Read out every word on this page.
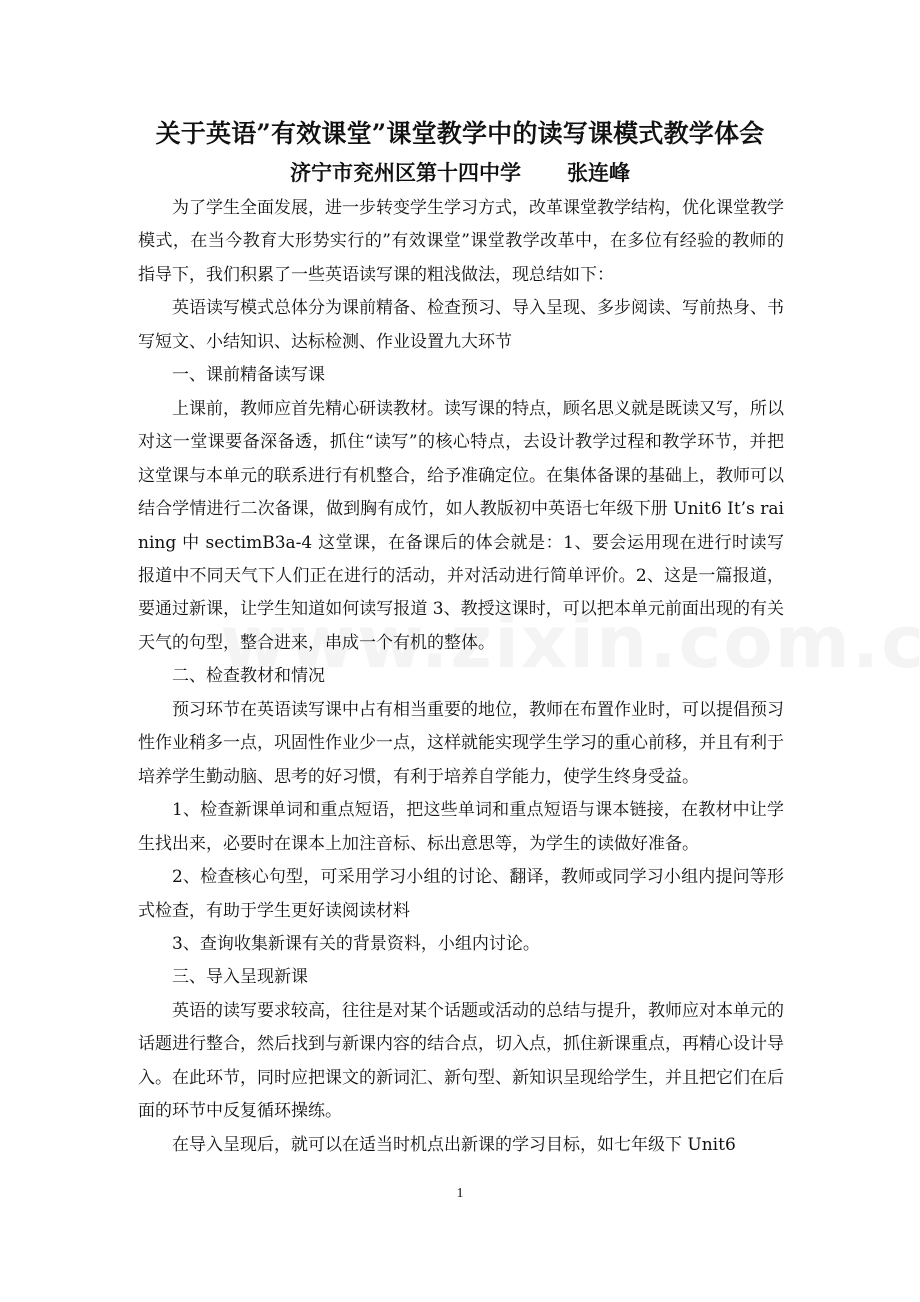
关于英语”有效课堂”课堂教学中的读写课模式教学体会
济宁市兖州区第十四中学 张连峰

为了学生全面发展，进一步转变学生学习方式，改革课堂教学结构，优化课堂教学模式，在当今教育大形势实行的”有效课堂”课堂教学改革中，在多位有经验的教师的指导下，我们积累了一些英语读写课的粗浅做法，现总结如下：

英语读写模式总体分为课前精备、检查预习、导入呈现、多步阅读、写前热身、书写短文、小结知识、达标检测、作业设置九大环节

一、课前精备读写课

上课前，教师应首先精心研读教材。读写课的特点，顾名思义就是既读又写，所以对这一堂课要备深备透，抓住“读写”的核心特点，去设计教学过程和教学环节，并把这堂课与本单元的联系进行有机整合，给予准确定位。在集体备课的基础上，教师可以结合学情进行二次备课，做到胸有成竹，如人教版初中英语七年级下册 Unit6 It’s raining 中 sectimB3a-4 这堂课，在备课后的体会就是：1、要会运用现在进行时读写报道中不同天气下人们正在进行的活动，并对活动进行简单评价。2、这是一篇报道，要通过新课，让学生知道如何读写报道 3、教授这课时，可以把本单元前面出现的有关天气的句型，整合进来，串成一个有机的整体。

二、检查教材和情况

预习环节在英语读写课中占有相当重要的地位，教师在布置作业时，可以提倡预习性作业稍多一点，巩固性作业少一点，这样就能实现学生学习的重心前移，并且有利于培养学生勤动脑、思考的好习惯，有利于培养自学能力，使学生终身受益。

1、检查新课单词和重点短语，把这些单词和重点短语与课本链接，在教材中让学生找出来，必要时在课本上加注音标、标出意思等，为学生的读做好准备。

2、检查核心句型，可采用学习小组的讨论、翻译，教师或同学习小组内提问等形式检查，有助于学生更好读阅读材料

3、查询收集新课有关的背景资料，小组内讨论。

三、导入呈现新课

英语的读写要求较高，往往是对某个话题或活动的总结与提升，教师应对本单元的话题进行整合，然后找到与新课内容的结合点，切入点，抓住新课重点，再精心设计导入。在此环节，同时应把课文的新词汇、新句型、新知识呈现给学生，并且把它们在后面的环节中反复循环操练。

在导入呈现后，就可以在适当时机点出新课的学习目标，如七年级下 Unit6

1
